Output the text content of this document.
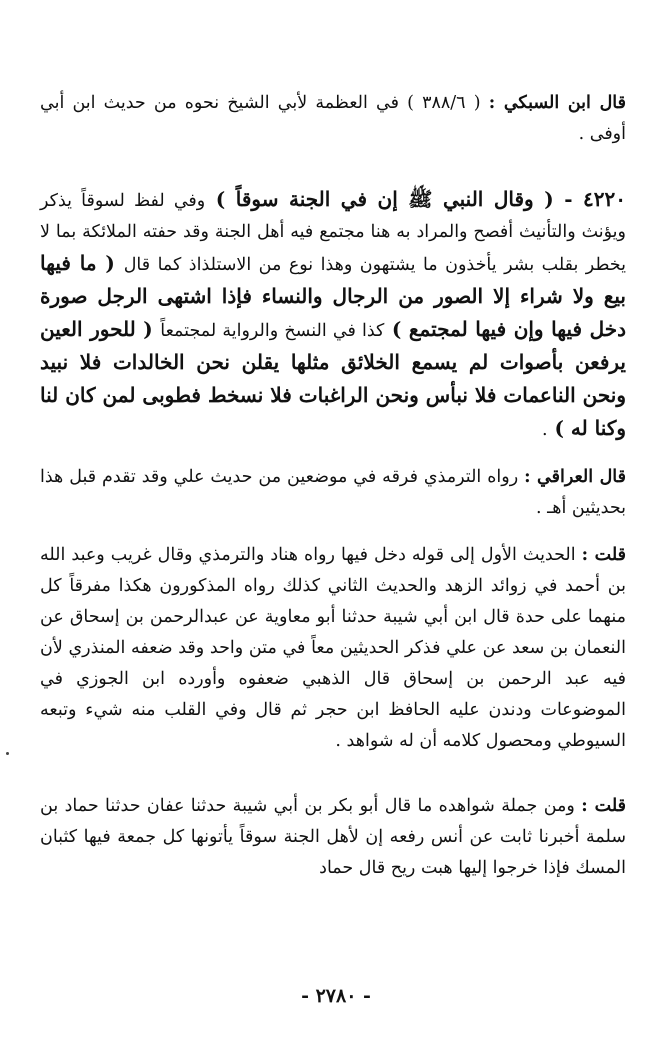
قال ابن السبكي : ( ٣٨٨/٦ ) في العظمة لأبي الشيخ نحوه من حديث ابن أبي أوفى .

٤٢٢٠ - ( وقال النبي ﷺ إن في الجنة سوقاً ) وفي لفظ لسوقاً يذكر ويؤنث والتأنيث أفصح والمراد به هنا مجتمع فيه أهل الجنة وقد حفته الملائكة بما لا يخطر بقلب بشر يأخذون ما يشتهون وهذا نوع من الاستلذاذ كما قال ( ما فيها بيع ولا شراء إلا الصور من الرجال والنساء فإذا اشتهى الرجل صورة دخل فيها وإن فيها لمجتمع ) كذا في النسخ والرواية لمجتمعاً ( للحور العين يرفعن بأصوات لم يسمع الخلائق مثلها يقلن نحن الخالدات فلا نبيد ونحن الناعمات فلا نبأس ونحن الراغبات فلا نسخط فطوبى لمن كان لنا وكنا له ) .

قال العراقي : رواه الترمذي فرقه في موضعين من حديث علي وقد تقدم قبل هذا بحديثين أهـ .

قلت : الحديث الأول إلى قوله دخل فيها رواه هناد والترمذي وقال غريب وعبد الله بن أحمد في زوائد الزهد والحديث الثاني كذلك رواه المذكورون هكذا مفرقاً كل منهما على حدة قال ابن أبي شيبة حدثنا أبو معاوية عن عبدالرحمن بن إسحاق عن النعمان بن سعد عن علي فذكر الحديثين معاً في متن واحد وقد ضعفه المنذري لأن فيه عبد الرحمن بن إسحاق قال الذهبي ضعفوه وأورده ابن الجوزي في الموضوعات ودندن عليه الحافظ ابن حجر ثم قال وفي القلب منه شيء وتبعه السيوطي ومحصول كلامه أن له شواهد .

قلت : ومن جملة شواهده ما قال أبو بكر بن أبي شيبة حدثنا عفان حدثنا حماد بن سلمة أخبرنا ثابت عن أنس رفعه إن لأهل الجنة سوقاً يأتونها كل جمعة فيها كثبان المسك فإذا خرجوا إليها هبت ريح قال حماد

- ٢٧٨٠ -
